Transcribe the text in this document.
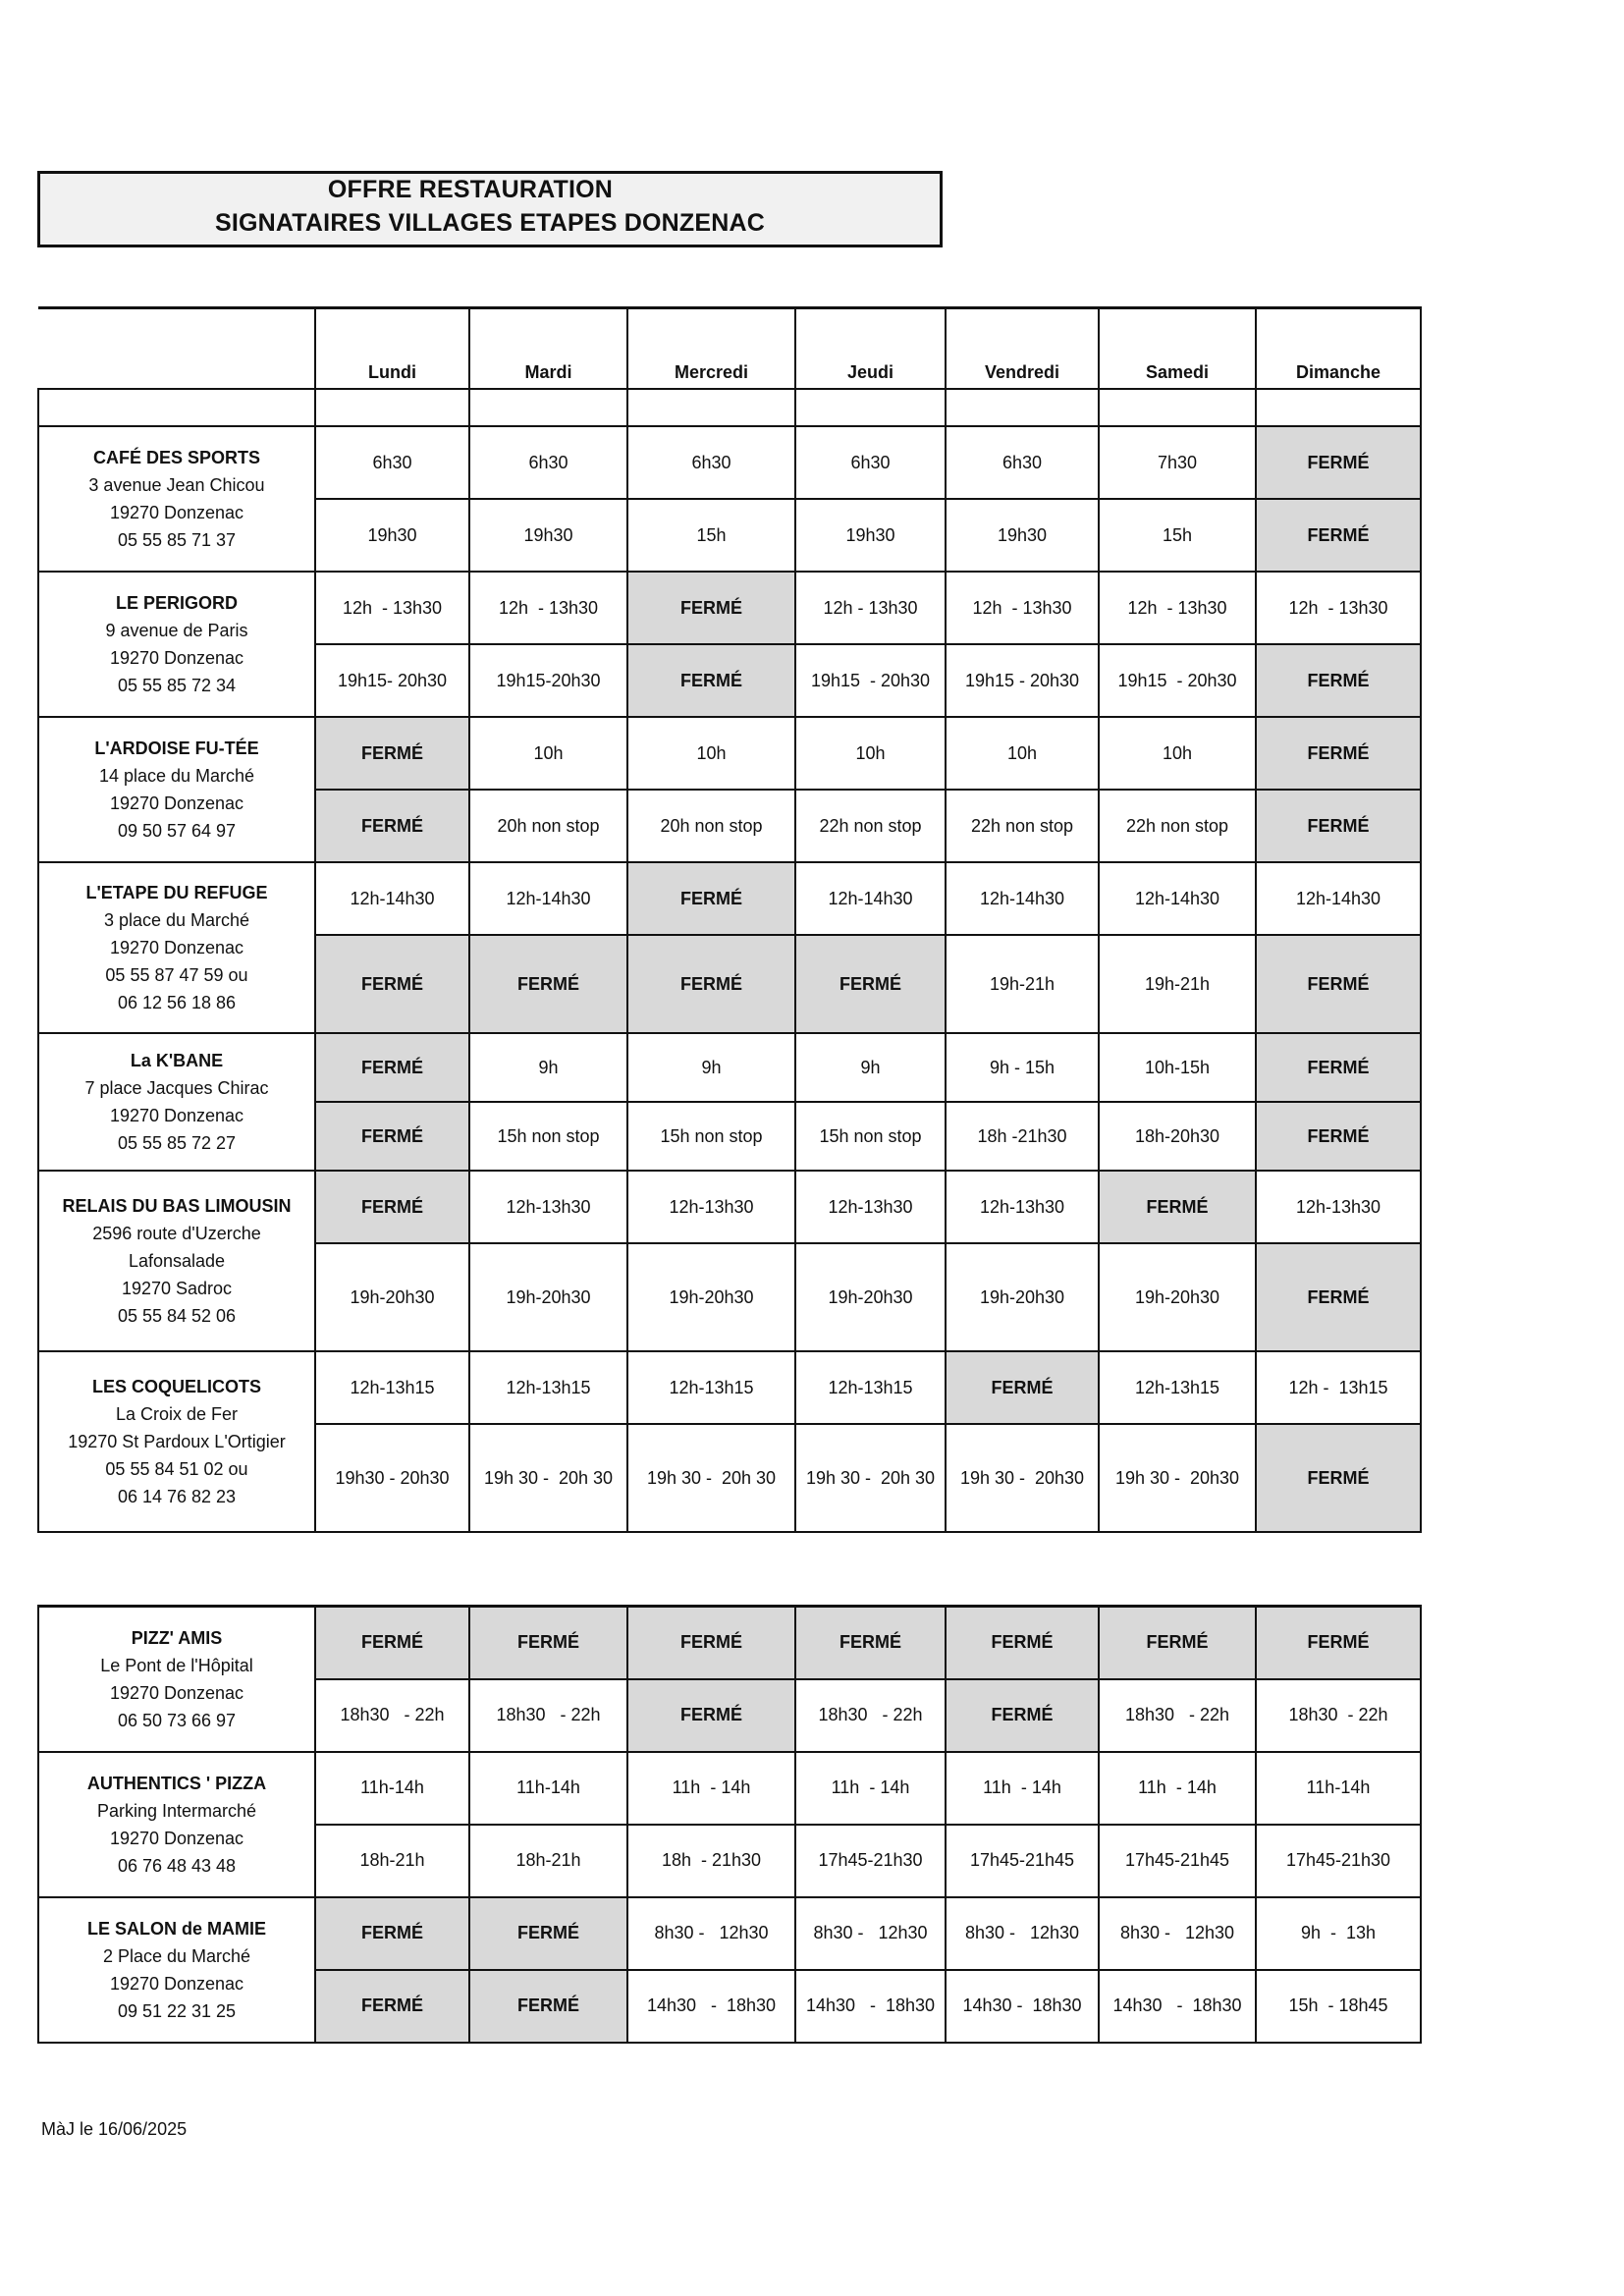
OFFRE RESTAURATION
SIGNATAIRES VILLAGES ETAPES DONZENAC
	Lundi	Mardi	Mercredi	Jeudi	Vendredi	Samedi	Dimanche

CAFÉ DES SPORTS
3 avenue Jean Chicou
19270 Donzenac
05 55 85 71 37	6h30	6h30	6h30	6h30	6h30	7h30	FERMÉ
	19h30	19h30	15h	19h30	19h30	15h	FERMÉ

LE PERIGORD
9 avenue de Paris
19270 Donzenac
05 55 85 72 34	12h  - 13h30	12h  - 13h30	FERMÉ	12h - 13h30	12h  - 13h30	12h  - 13h30	12h  - 13h30
	19h15- 20h30	19h15-20h30	FERMÉ	19h15  - 20h30	19h15 - 20h30	19h15  - 20h30	FERMÉ

L'ARDOISE FU-TÉE
14 place du Marché
19270 Donzenac
09 50 57 64 97	FERMÉ	10h	10h	10h	10h	10h	FERMÉ
	FERMÉ	20h non stop	20h non stop	22h non stop	22h non stop	22h non stop	FERMÉ

L'ETAPE DU REFUGE
3 place du Marché
19270 Donzenac
05 55 87 47 59 ou
06 12 56 18 86	12h-14h30	12h-14h30	FERMÉ	12h-14h30	12h-14h30	12h-14h30	12h-14h30
	FERMÉ	FERMÉ	FERMÉ	FERMÉ	19h-21h	19h-21h	FERMÉ

La K'BANE
7 place Jacques Chirac
19270 Donzenac
05 55 85 72 27	FERMÉ	9h	9h	9h	9h - 15h	10h-15h	FERMÉ
	FERMÉ	15h non stop	15h non stop	15h non stop	18h -21h30	18h-20h30	FERMÉ

RELAIS DU BAS LIMOUSIN
2596 route d'Uzerche
Lafonsalade
19270 Sadroc
05 55 84 52 06	FERMÉ	12h-13h30	12h-13h30	12h-13h30	12h-13h30	FERMÉ	12h-13h30
	19h-20h30	19h-20h30	19h-20h30	19h-20h30	19h-20h30	19h-20h30	FERMÉ

LES COQUELICOTS
La Croix de Fer
19270 St Pardoux L'Ortigier
05 55 84 51 02 ou
06 14 76 82 23	12h-13h15	12h-13h15	12h-13h15	12h-13h15	FERMÉ	12h-13h15	12h -  13h15
	19h30 - 20h30	19h 30 -  20h 30	19h 30 -  20h 30	19h 30 -  20h 30	19h 30 -  20h30	19h 30 -  20h30	FERMÉ
PIZZ' AMIS
Le Pont de l'Hôpital
19270 Donzenac
06 50 73 66 97	FERMÉ	FERMÉ	FERMÉ	FERMÉ	FERMÉ	FERMÉ	FERMÉ
	18h30   - 22h	18h30   - 22h	FERMÉ	18h30   - 22h	FERMÉ	18h30   - 22h	18h30  - 22h

AUTHENTICS ' PIZZA
Parking Intermarché
19270 Donzenac
06 76 48 43 48	11h-14h	11h-14h	11h  - 14h	11h  - 14h	11h  - 14h	11h  - 14h	11h-14h
	18h-21h	18h-21h	18h  - 21h30	17h45-21h30	17h45-21h45	17h45-21h45	17h45-21h30

LE SALON de MAMIE
2 Place du Marché
19270 Donzenac
09 51 22 31 25	FERMÉ	FERMÉ	8h30 -   12h30	8h30 -   12h30	8h30 -   12h30	8h30 -   12h30	9h  -  13h
	FERMÉ	FERMÉ	14h30   -  18h30	14h30   -  18h30	14h30 -  18h30	14h30   -  18h30	15h  - 18h45
MàJ le 16/06/2025
